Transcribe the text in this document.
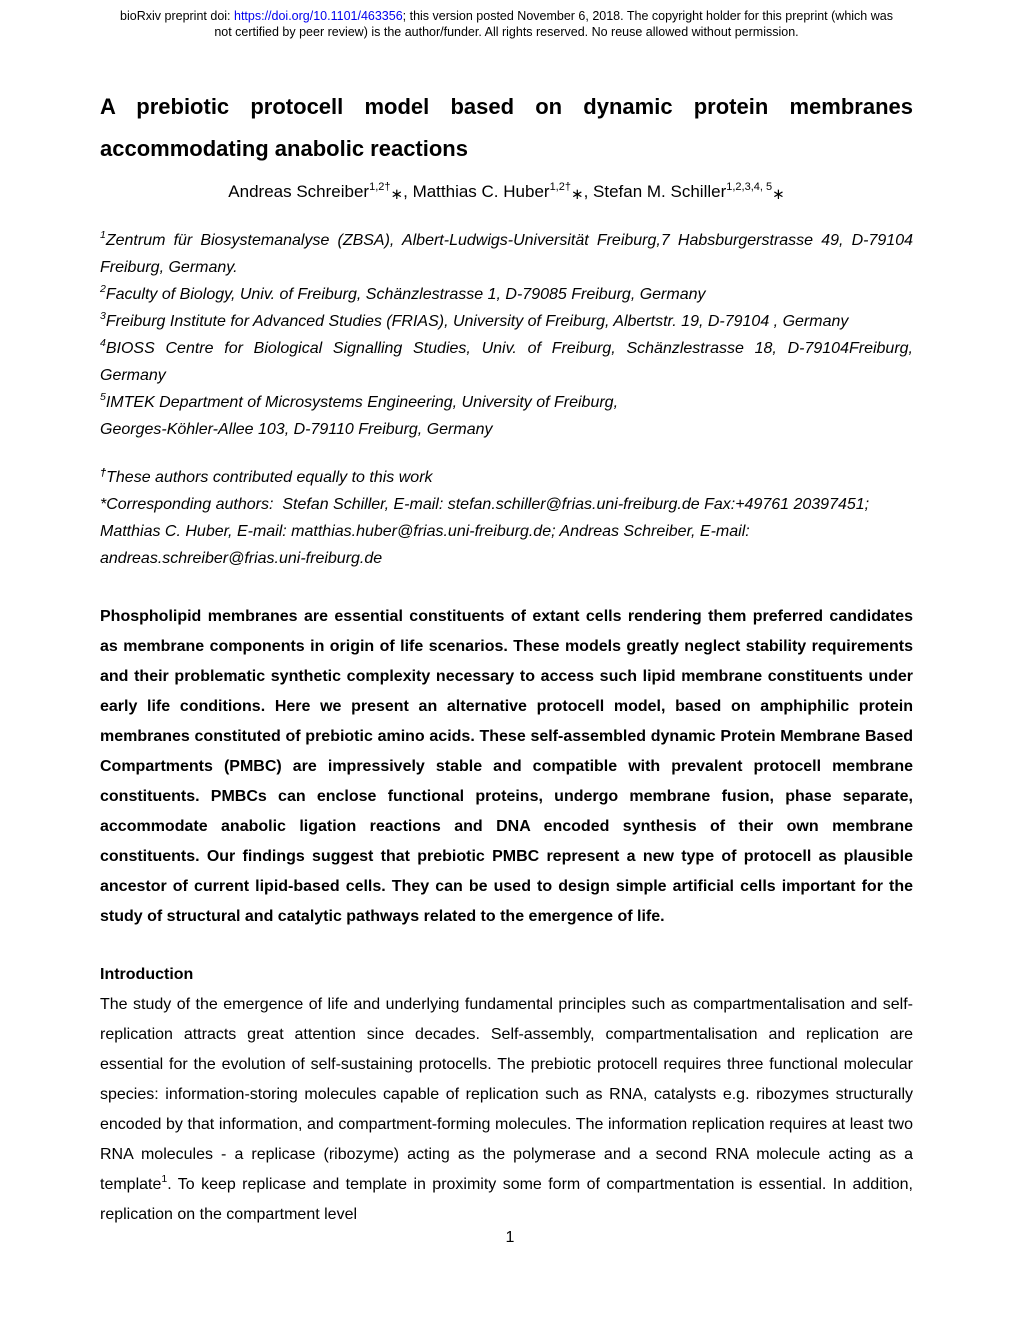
bioRxiv preprint doi: https://doi.org/10.1101/463356; this version posted November 6, 2018. The copyright holder for this preprint (which was
not certified by peer review) is the author/funder. All rights reserved. No reuse allowed without permission.
A prebiotic protocell model based on dynamic protein membranes accommodating anabolic reactions
Andreas Schreiber$^{1,2\dagger}$∗, Matthias C. Huber$^{1,2\dagger}$∗, Stefan M. Schiller$^{1,2,3,4, 5}$∗

$^1$Zentrum für Biosystemanalyse (ZBSA), Albert-Ludwigs-Universität Freiburg,7 Habsburgerstrasse 49, D-79104 Freiburg, Germany.

$^2$Faculty of Biology, Univ. of Freiburg, Schänzlestrasse 1, D-79085 Freiburg, Germany

$^3$Freiburg Institute for Advanced Studies (FRIAS), University of Freiburg, Albertstr. 19, D-79104 , Germany

$^4$BIOSS Centre for Biological Signalling Studies, Univ. of Freiburg, Schänzlestrasse 18, D-79104Freiburg, Germany

$^5$IMTEK Department of Microsystems Engineering, University of Freiburg,

Georges-Köhler-Allee 103, D-79110 Freiburg, Germany

†These authors contributed equally to this work

*Corresponding authors:  Stefan Schiller, E-mail: stefan.schiller@frias.uni-freiburg.de Fax:+49761 20397451;
Matthias C. Huber, E-mail: matthias.huber@frias.uni-freiburg.de; Andreas Schreiber, E-mail:
andreas.schreiber@frias.uni-freiburg.de

Phospholipid membranes are essential constituents of extant cells rendering them preferred candidates as membrane components in origin of life scenarios. These models greatly neglect stability requirements and their problematic synthetic complexity necessary to access such lipid membrane constituents under early life conditions. Here we present an alternative protocell model, based on amphiphilic protein membranes constituted of prebiotic amino acids. These self-assembled dynamic Protein Membrane Based Compartments (PMBC) are impressively stable and compatible with prevalent protocell membrane constituents. PMBCs can enclose functional proteins, undergo membrane fusion, phase separate, accommodate anabolic ligation reactions and DNA encoded synthesis of their own membrane constituents. Our findings suggest that prebiotic PMBC represent a new type of protocell as plausible ancestor of current lipid-based cells. They can be used to design simple artificial cells important for the study of structural and catalytic pathways related to the emergence of life.

Introduction

The study of the emergence of life and underlying fundamental principles such as compartmentalisation and self-replication attracts great attention since decades. Self-assembly, compartmentalisation and replication are essential for the evolution of self-sustaining protocells. The prebiotic protocell requires three functional molecular species: information-storing molecules capable of replication such as RNA, catalysts e.g. ribozymes structurally encoded by that information, and compartment-forming molecules. The information replication requires at least two RNA molecules - a replicase (ribozyme) acting as the polymerase and a second RNA molecule acting as a template$^1$. To keep replicase and template in proximity some form of compartmentation is essential. In addition, replication on the compartment level

1
